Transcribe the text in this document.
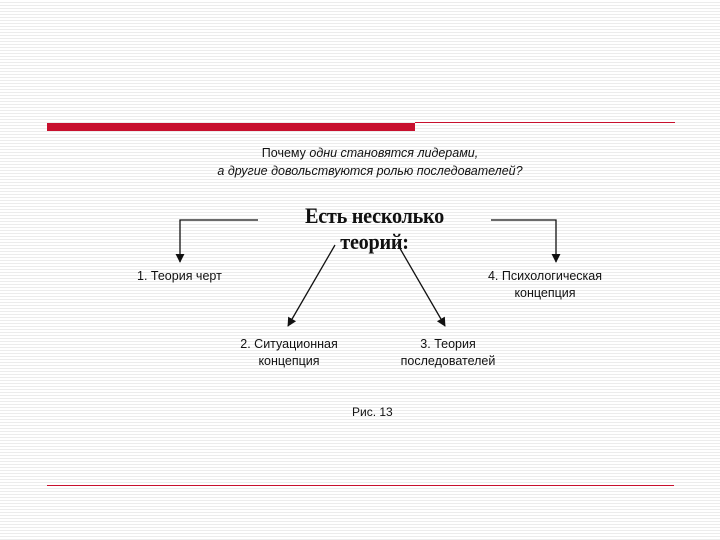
Почему одни становятся лидерами,
а другие довольствуются ролью последователей?
Есть несколько теорий:
1. Теория черт	4. Психологическая
концепция
2. Ситуационная
концепция
3. Теория
последователей
Рис. 13
